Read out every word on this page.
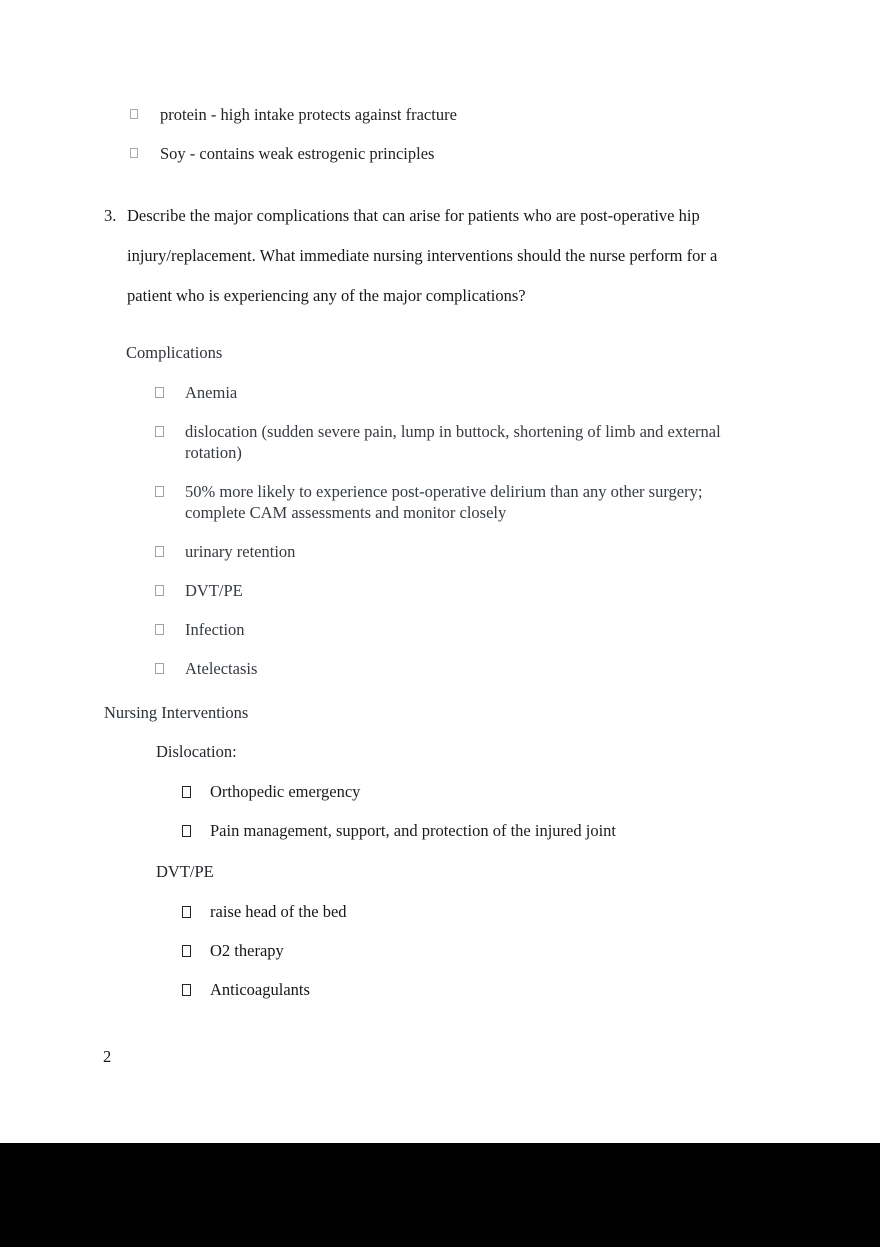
protein - high intake protects against fracture
Soy - contains weak estrogenic principles
3. Describe the major complications that can arise for patients who are post-operative hip injury/replacement. What immediate nursing interventions should the nurse perform for a patient who is experiencing any of the major complications?
Complications
Anemia
dislocation (sudden severe pain, lump in buttock, shortening of limb and external rotation)
50% more likely to experience post-operative delirium than any other surgery; complete CAM assessments and monitor closely
urinary retention
DVT/PE
Infection
Atelectasis
Nursing Interventions
Dislocation:
Orthopedic emergency
Pain management, support, and protection of the injured joint
DVT/PE
raise head of the bed
O2 therapy
Anticoagulants
2
